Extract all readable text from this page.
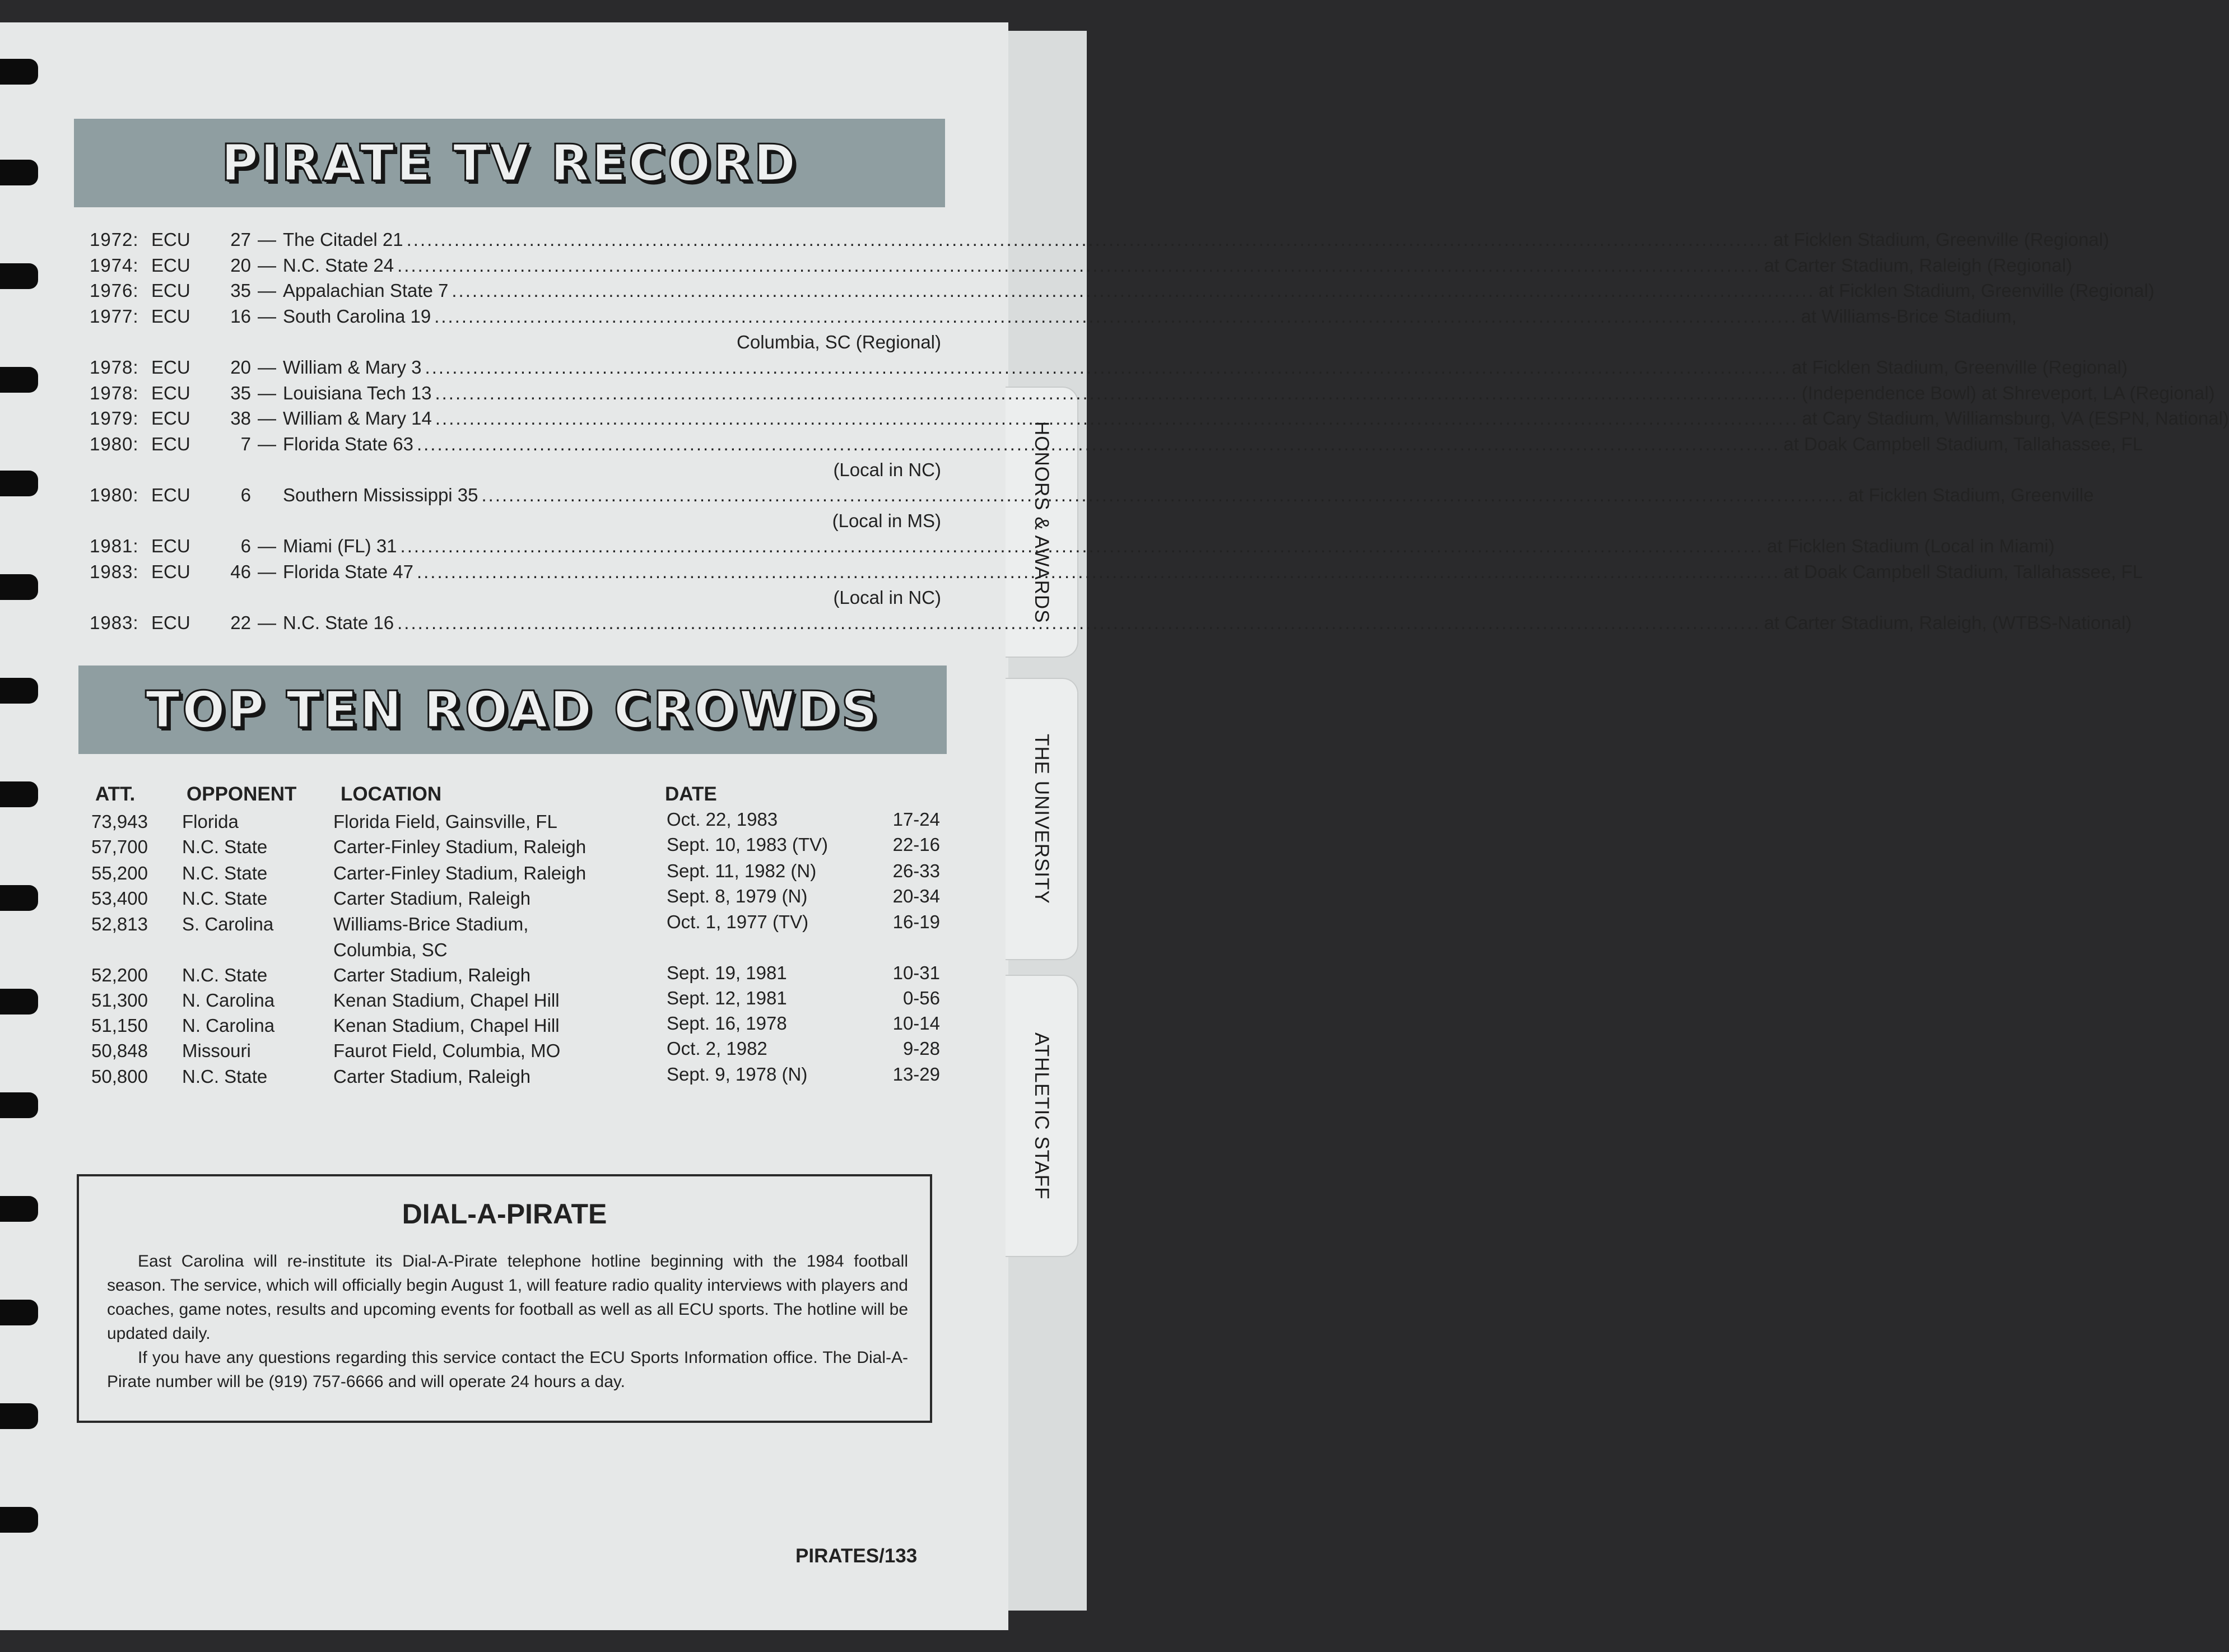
HONORS & AWARDS
THE UNIVERSITY
ATHLETIC STAFF
PIRATE TV RECORD
1972: ECU 27 — The Citadel 21 ........................................................................................................................................................................................................ at Ficklen Stadium, Greenville (Regional)
1974: ECU 20 — N.C. State 24 ........................................................................................................................................................................................................ at Carter Stadium, Raleigh (Regional)
1976: ECU 35 — Appalachian State 7 ........................................................................................................................................................................................................ at Ficklen Stadium, Greenville (Regional)
1977: ECU 16 — South Carolina 19 ........................................................................................................................................................................................................ at Williams-Brice Stadium,
Columbia, SC (Regional)
1978: ECU 20 — William & Mary 3 ........................................................................................................................................................................................................ at Ficklen Stadium, Greenville (Regional)
1978: ECU 35 — Louisiana Tech 13 ........................................................................................................................................................................................................ (Independence Bowl) at Shreveport, LA (Regional)
1979: ECU 38 — William & Mary 14 ........................................................................................................................................................................................................ at Cary Stadium, Williamsburg, VA (ESPN, National)
1980: ECU	7 — Florida State 63 ........................................................................................................................................................................................................ at Doak Campbell Stadium, Tallahassee, FL
(Local in NC)
1980: ECU	6 Southern Mississippi 35 ........................................................................................................................................................................................................ at Ficklen Stadium, Greenville
(Local in MS)
1981: ECU	6 — Miami (FL) 31 ........................................................................................................................................................................................................ at Ficklen Stadium (Local in Miami)
1983: ECU 46 — Florida State 47 ........................................................................................................................................................................................................ at Doak Campbell Stadium, Tallahassee, FL
(Local in NC)
1983: ECU 22 — N.C. State 16 ........................................................................................................................................................................................................ at Carter Stadium, Raleigh, (WTBS-National)
TOP TEN ROAD CROWDS
ATT.	OPPONENT LOCATION	DATE
73,943 Florida	Florida Field, Gainsville, FL	Oct. 22, 1983	17-24
57,700 N.C. State	Carter-Finley Stadium, Raleigh	Sept. 10, 1983 (TV)	22-16
55,200 N.C. State	Carter-Finley Stadium, Raleigh	Sept. 11, 1982 (N)	26-33
53,400 N.C. State	Carter Stadium, Raleigh	Sept. 8, 1979 (N)	20-34
52,813 S. Carolina	Williams-Brice Stadium,
Columbia, SC
Oct. 1, 1977 (TV)	16-19
52,200 N.C. State	Carter Stadium, Raleigh	Sept. 19, 1981	10-31
51,300 N. Carolina	Kenan Stadium, Chapel Hill	Sept. 12, 1981	0-56
51,150 N. Carolina	Kenan Stadium, Chapel Hill	Sept. 16, 1978	10-14
50,848 Missouri	Faurot Field, Columbia, MO	Oct. 2, 1982	9-28
50,800 N.C. State	Carter Stadium, Raleigh	Sept. 9, 1978 (N)	13-29
DIAL-A-PIRATE

East Carolina will re-institute its Dial-A-Pirate telephone hotline beginning with the 1984 football season. The service, which will officially begin August 1, will feature radio quality interviews with players and coaches, game notes, results and upcoming events for football as well as all ECU sports. The hotline will be updated daily.

If you have any questions regarding this service contact the ECU Sports Information office. The Dial-A-Pirate number will be (919) 757-6666 and will operate 24 hours a day.

PIRATES/133
